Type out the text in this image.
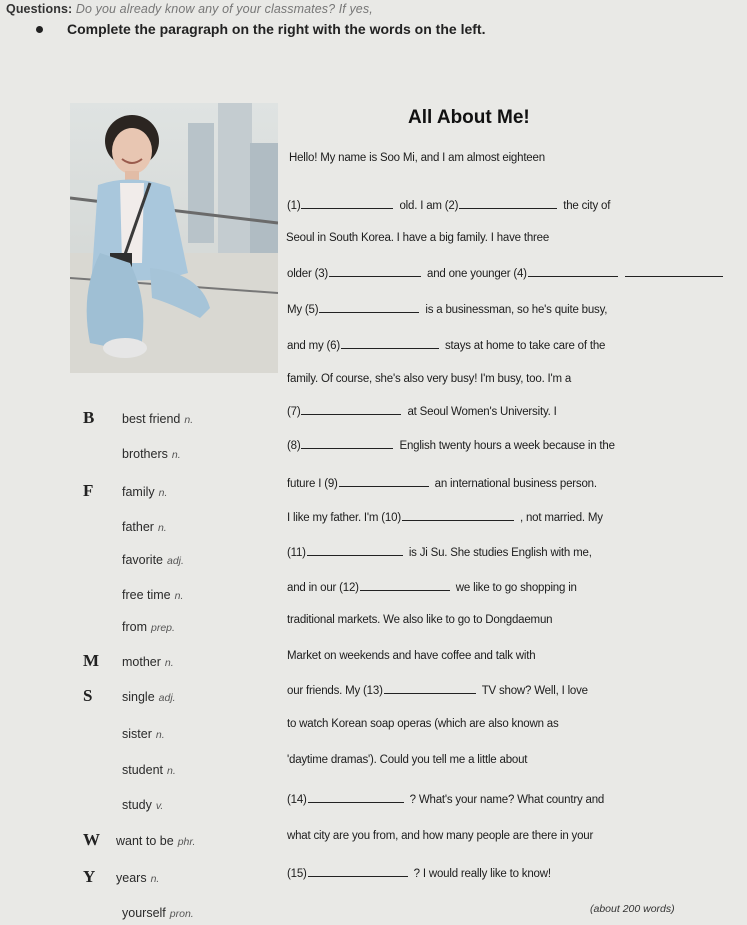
Questions: Do you already know any of your classmates? If yes,
Complete the paragraph on the right with the words on the left.
All About Me!
Hello! My name is Soo Mi, and I am almost eighteen
(1)	old. I am (2)	the city of
Seoul in South Korea. I have a big family. I have three
older (3)	and one younger (4)
My (5)	is a businessman, so he's quite busy,
and my (6)	stays at home to take care of the
family. Of course, she's also very busy! I'm busy, too. I'm a
(7)	at Seoul Women's University. I
(8)	English twenty hours a week because in the
future I (9)	an international business person.
I like my father. I'm (10)	, not married. My
(11)	is Ji Su. She studies English with me,
and in our (12)	we like to go shopping in
traditional markets. We also like to go to Dongdaemun
Market on weekends and have coffee and talk with
our friends. My (13)	TV show? Well, I love
to watch Korean soap operas (which are also known as
'daytime dramas'). Could you tell me a little about
(14)	? What's your name? What country and
what city are you from, and how many people are there in your
(15)	? I would really like to know!
B best friend n.
brothers n.
F family n.
father n.
favorite adj.
free time n.
from prep.
M mother n.
S single adj.
sister n.
student n.
study v.
W want to be phr.
Y years n.
yourself pron.	(about 200 words)
